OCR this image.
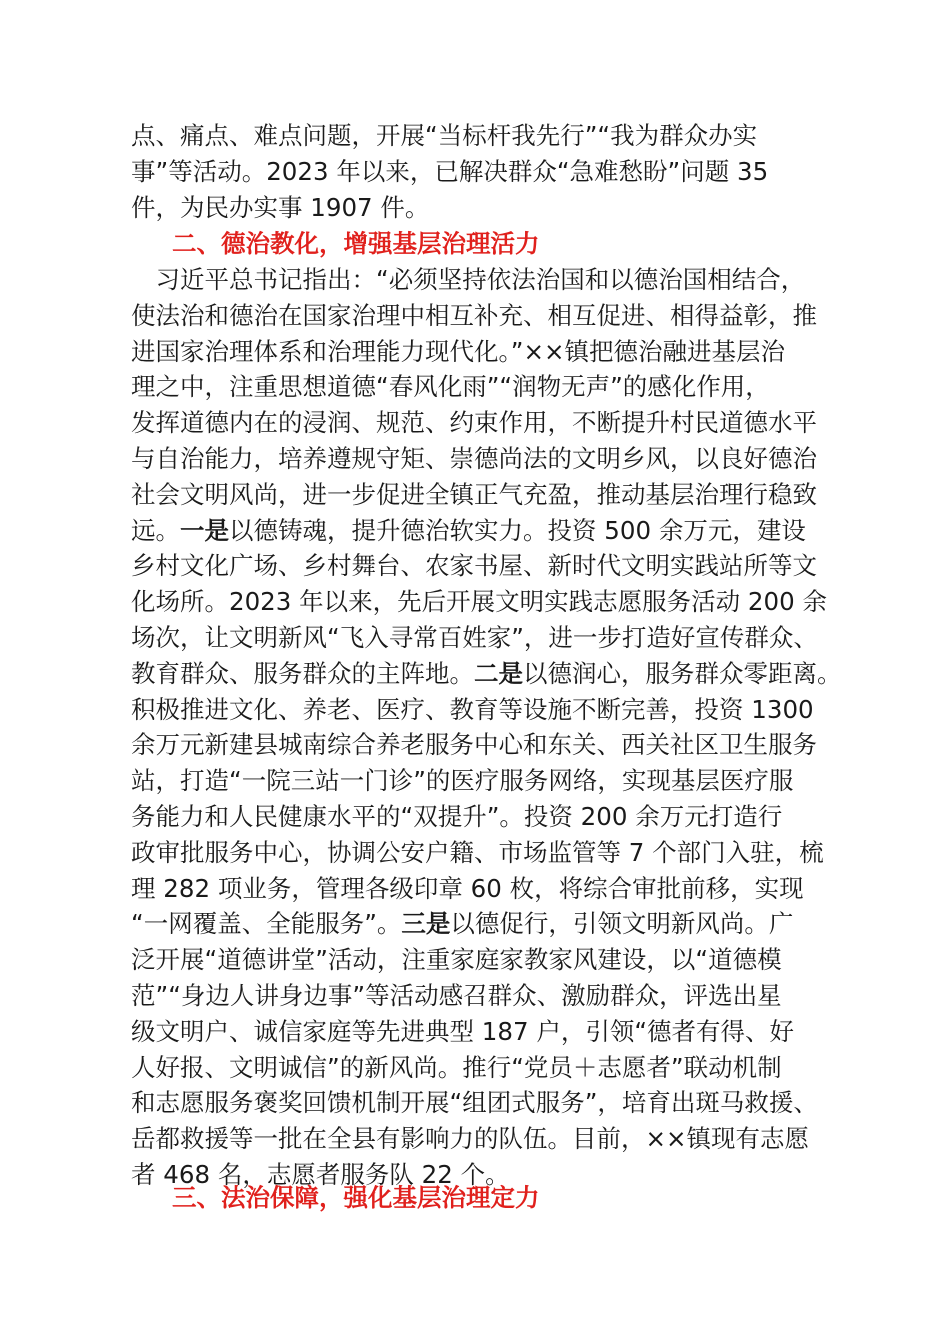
点、痛点、难点问题，开展“当标杆我先行”“我为群众办实
事”等活动。2023 年以来，已解决群众“急难愁盼”问题 35
件，为民办实事 1907 件。
二、德治教化，增强基层治理活力
　习近平总书记指出：“必须坚持依法治国和以德治国相结合，
使法治和德治在国家治理中相互补充、相互促进、相得益彰，推
进国家治理体系和治理能力现代化。”××镇把德治融进基层治
理之中，注重思想道德“春风化雨”“润物无声”的感化作用，
发挥道德内在的浸润、规范、约束作用，不断提升村民道德水平
与自治能力，培养遵规守矩、崇德尚法的文明乡风，以良好德治
社会文明风尚，进一步促进全镇正气充盈，推动基层治理行稳致
远。一是以德铸魂，提升德治软实力。投资 500 余万元，建设
乡村文化广场、乡村舞台、农家书屋、新时代文明实践站所等文
化场所。2023 年以来，先后开展文明实践志愿服务活动 200 余
场次，让文明新风“飞入寻常百姓家”，进一步打造好宣传群众、
教育群众、服务群众的主阵地。二是以德润心，服务群众零距离。
积极推进文化、养老、医疗、教育等设施不断完善，投资 1300
余万元新建县城南综合养老服务中心和东关、西关社区卫生服务
站，打造“一院三站一门诊”的医疗服务网络，实现基层医疗服
务能力和人民健康水平的“双提升”。投资 200 余万元打造行
政审批服务中心，协调公安户籍、市场监管等 7 个部门入驻，梳
理 282 项业务，管理各级印章 60 枚，将综合审批前移，实现
“一网覆盖、全能服务”。三是以德促行，引领文明新风尚。广
泛开展“道德讲堂”活动，注重家庭家教家风建设，以“道德模
范”“身边人讲身边事”等活动感召群众、激励群众，评选出星
级文明户、诚信家庭等先进典型 187 户，引领“德者有得、好
人好报、文明诚信”的新风尚。推行“党员＋志愿者”联动机制
和志愿服务褒奖回馈机制开展“组团式服务”，培育出斑马救援、
岳都救援等一批在全县有影响力的队伍。目前，××镇现有志愿
者 468 名，志愿者服务队 22 个。
三、法治保障，强化基层治理定力
